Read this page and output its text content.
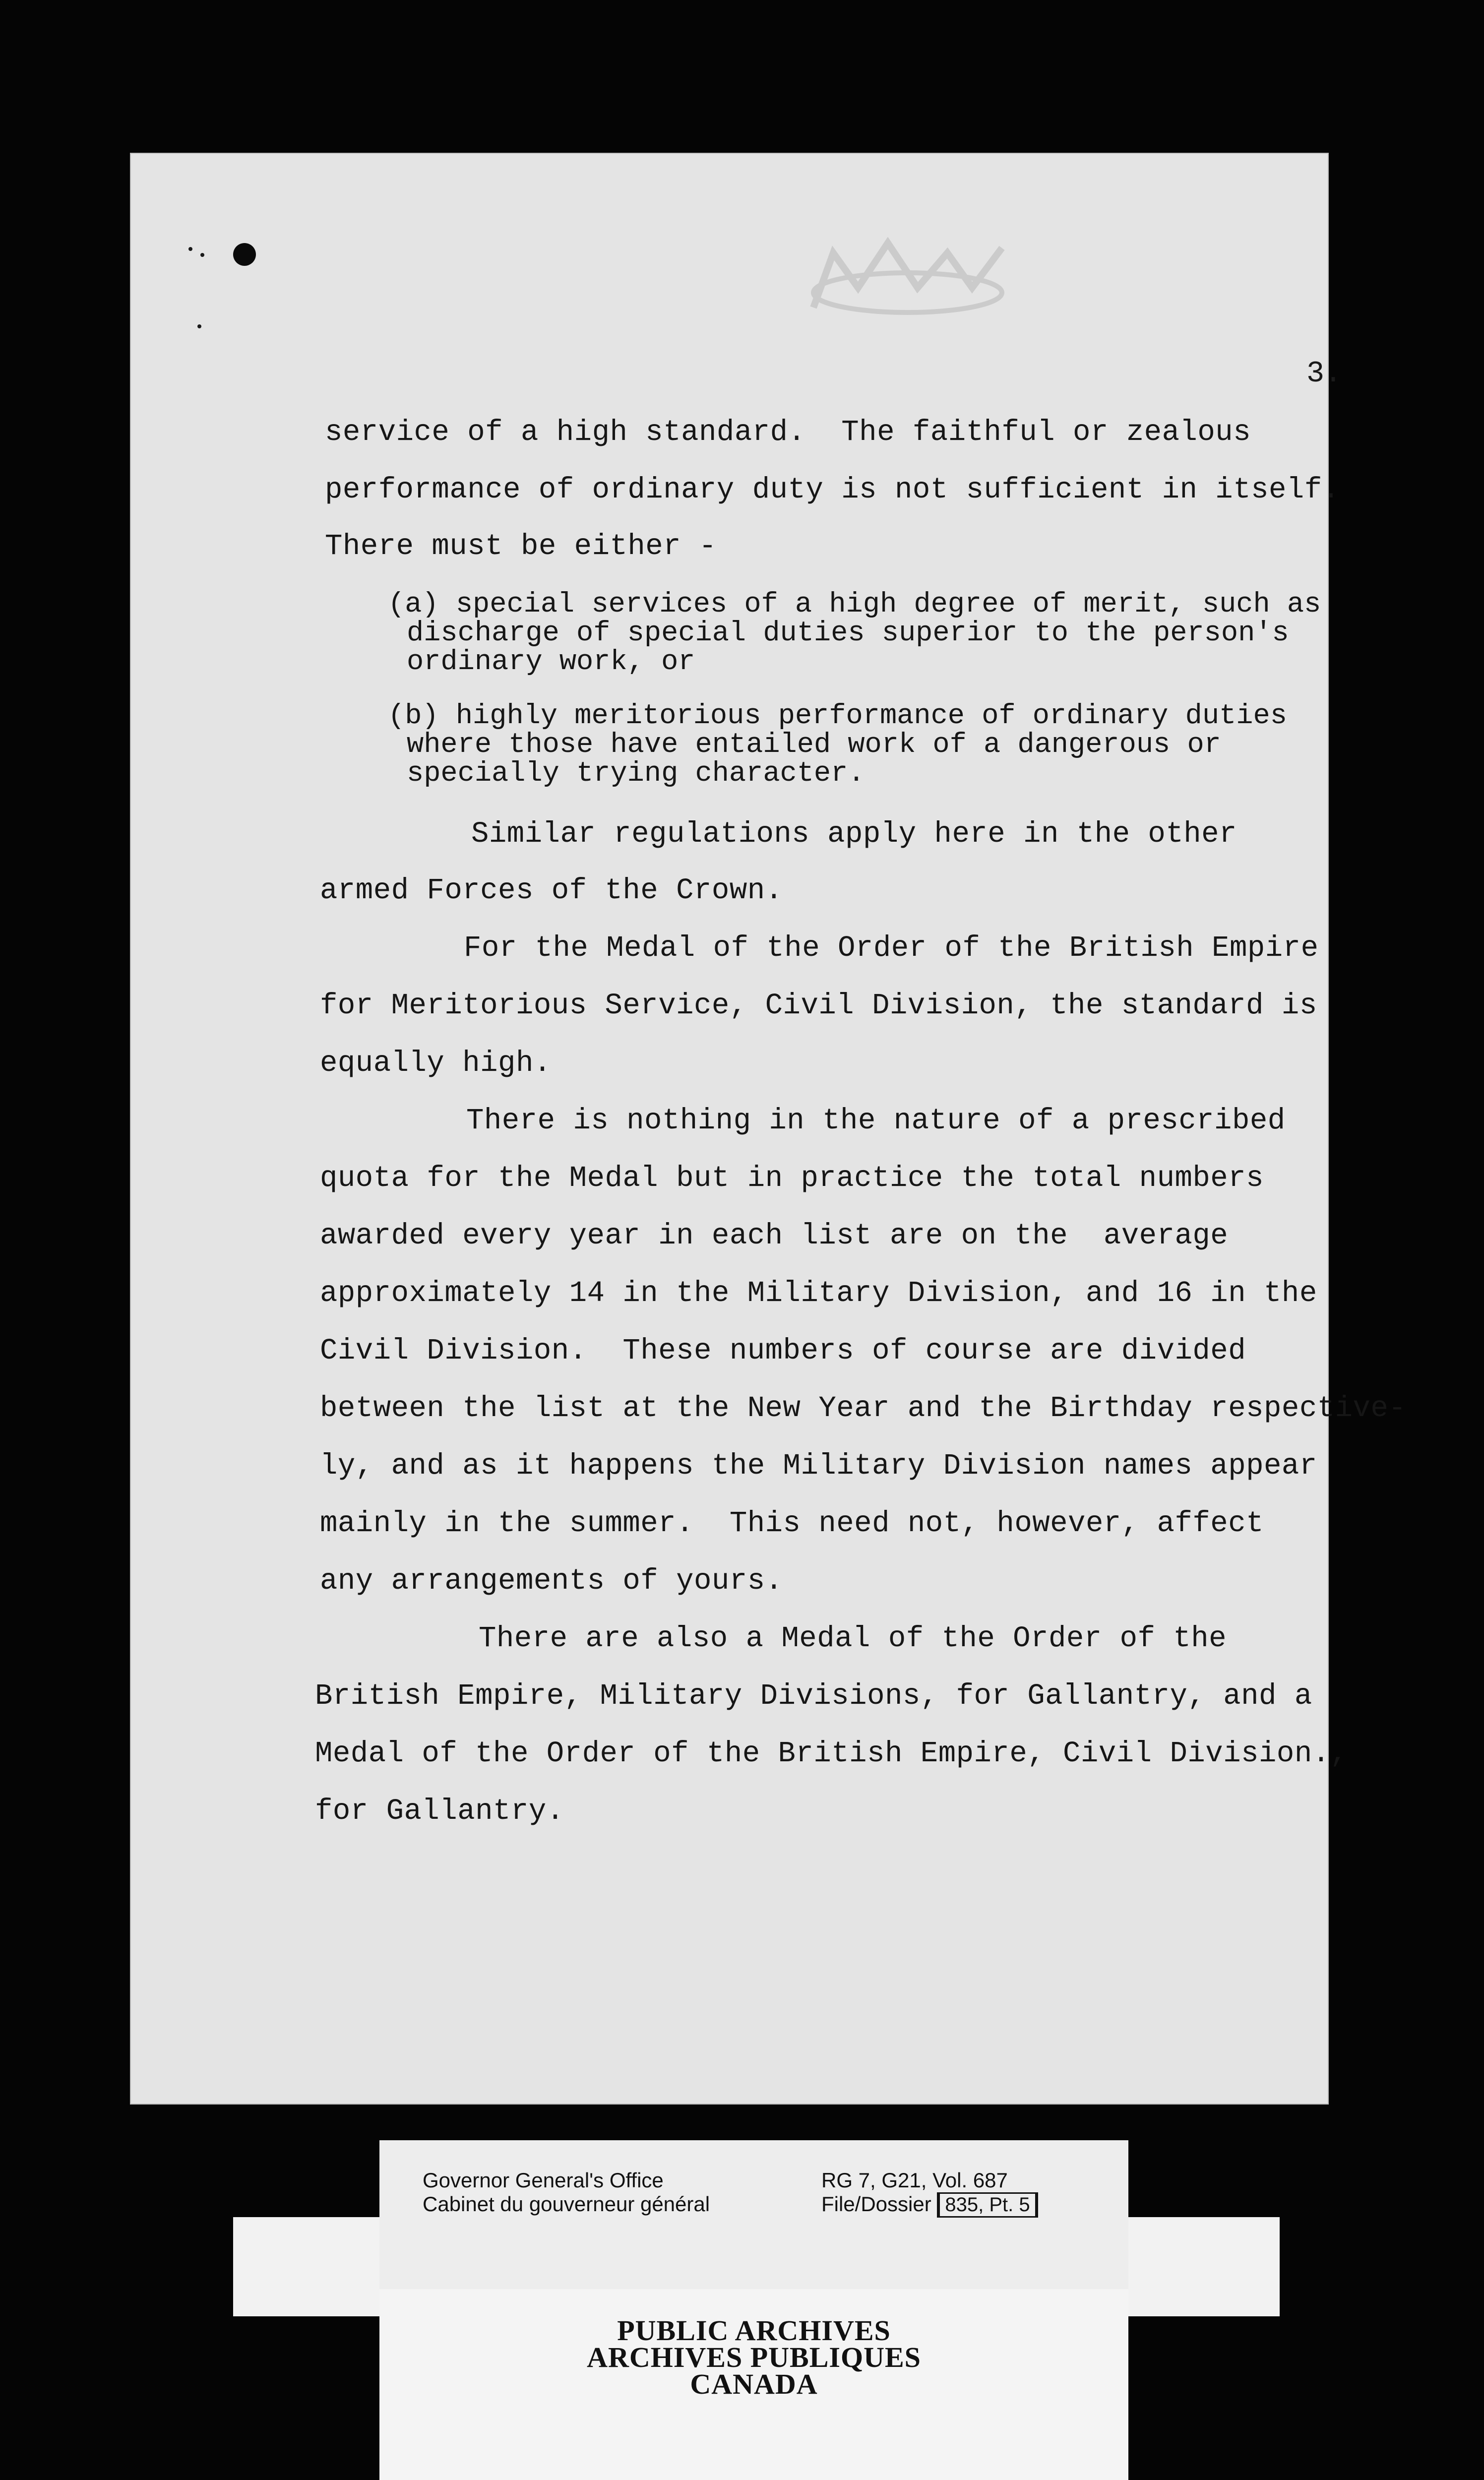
3.
service of a high standard.  The faithful or zealous
performance of ordinary duty is not sufficient in itself.
There must be either -
(a) special services of a high degree of merit, such as
discharge of special duties superior to the person's
ordinary work, or
(b) highly meritorious performance of ordinary duties
where those have entailed work of a dangerous or
specially trying character.
Similar regulations apply here in the other
armed Forces of the Crown.
For the Medal of the Order of the British Empire
for Meritorious Service, Civil Division, the standard is
equally high.
There is nothing in the nature of a prescribed
quota for the Medal but in practice the total numbers
awarded every year in each list are on the  average
approximately 14 in the Military Division, and 16 in the
Civil Division.  These numbers of course are divided
between the list at the New Year and the Birthday respective-
ly, and as it happens the Military Division names appear
mainly in the summer.  This need not, however, affect
any arrangements of yours.
There are also a Medal of the Order of the
British Empire, Military Divisions, for Gallantry, and a
Medal of the Order of the British Empire, Civil Division.,
for Gallantry.
Governor General's Office
Cabinet du gouverneur général
RG 7, G21, Vol. 687
File/Dossier 835, Pt. 5
PUBLIC ARCHIVES
ARCHIVES PUBLIQUES
CANADA
